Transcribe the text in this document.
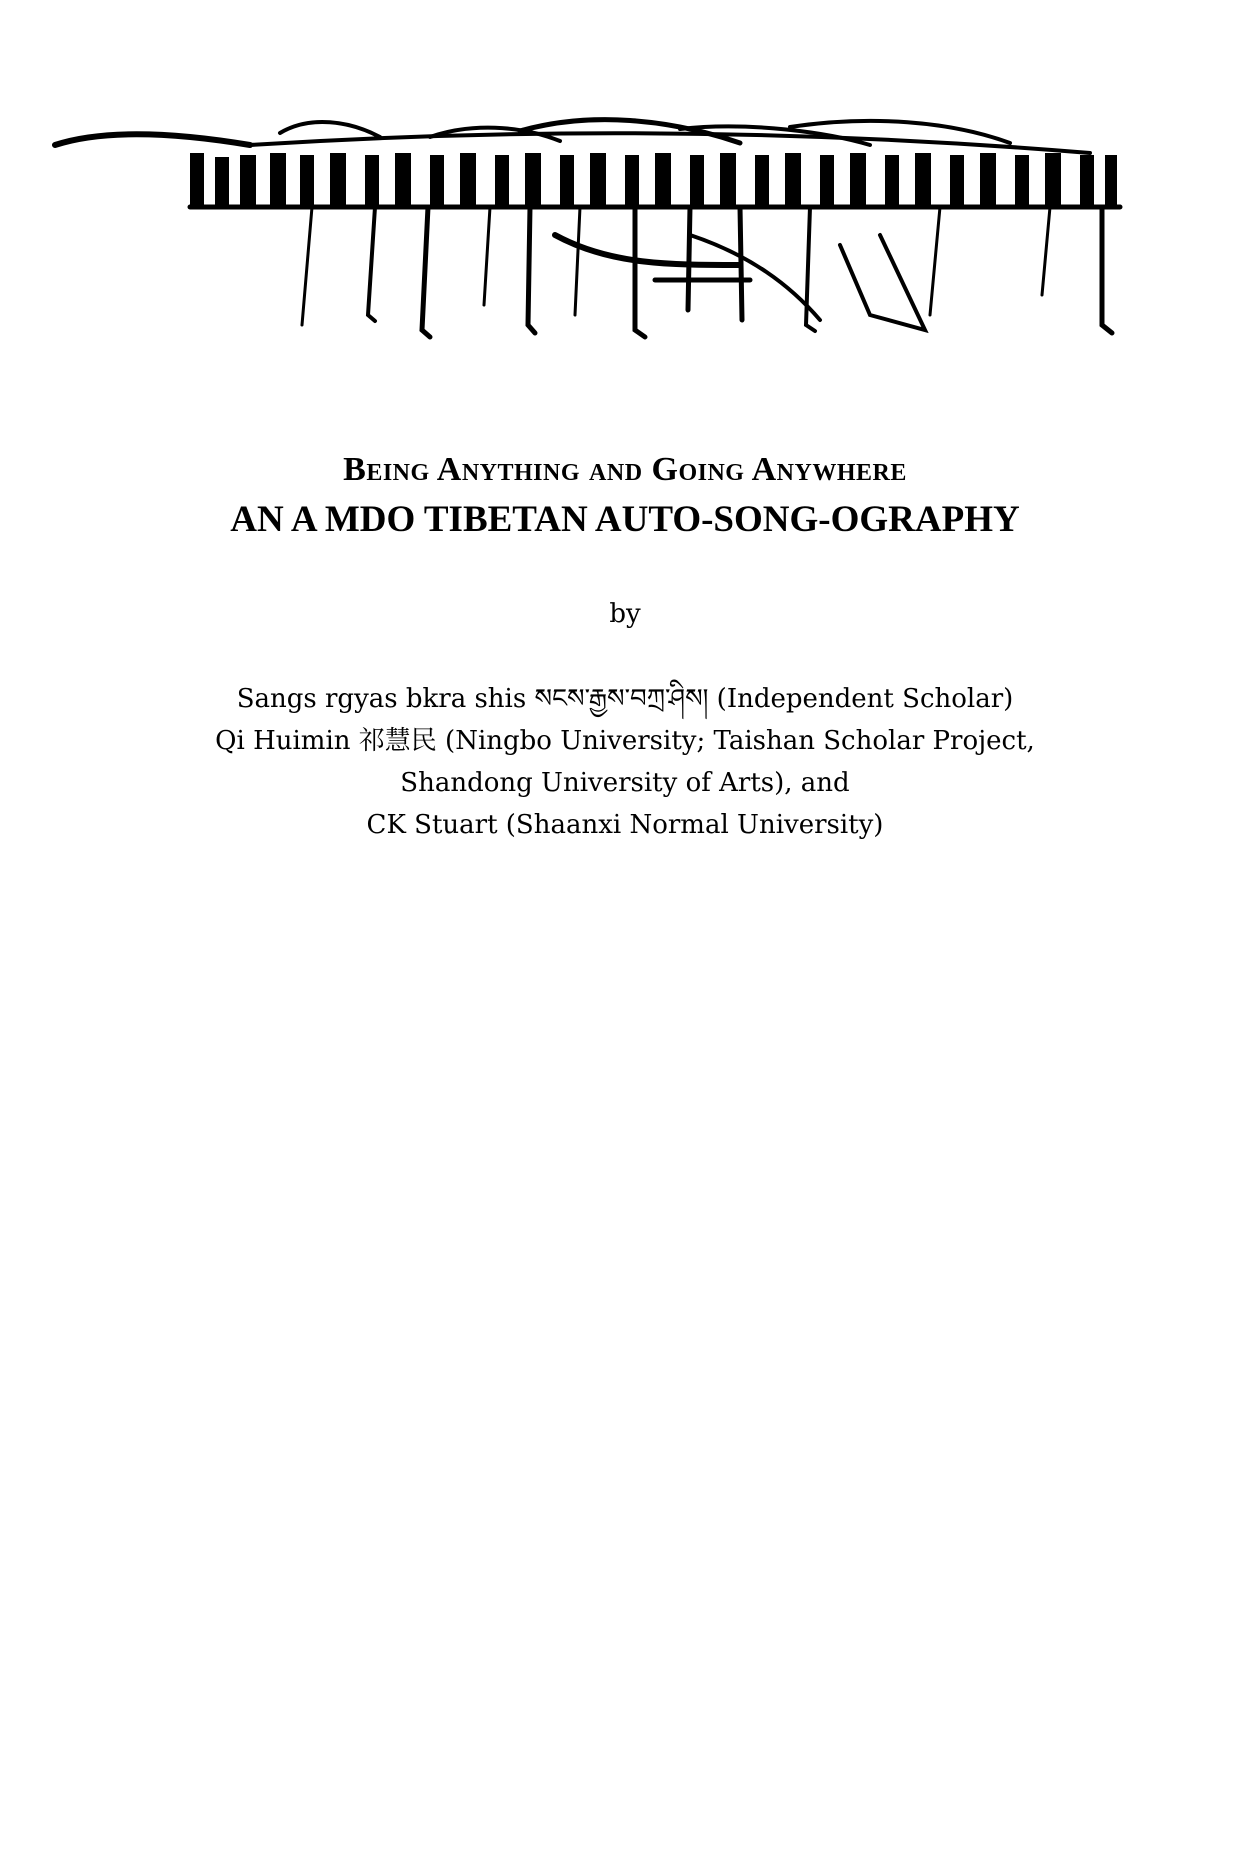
Being Anything and Going Anywhere
AN A MDO TIBETAN AUTO-SONG-OGRAPHY
by
Sangs rgyas bkra shis སངས་རྒྱས་བཀྲ་ཤིས། (Independent Scholar)
Qi Huimin 祁慧民 (Ningbo University; Taishan Scholar Project,
Shandong University of Arts), and
CK Stuart (Shaanxi Normal University)
